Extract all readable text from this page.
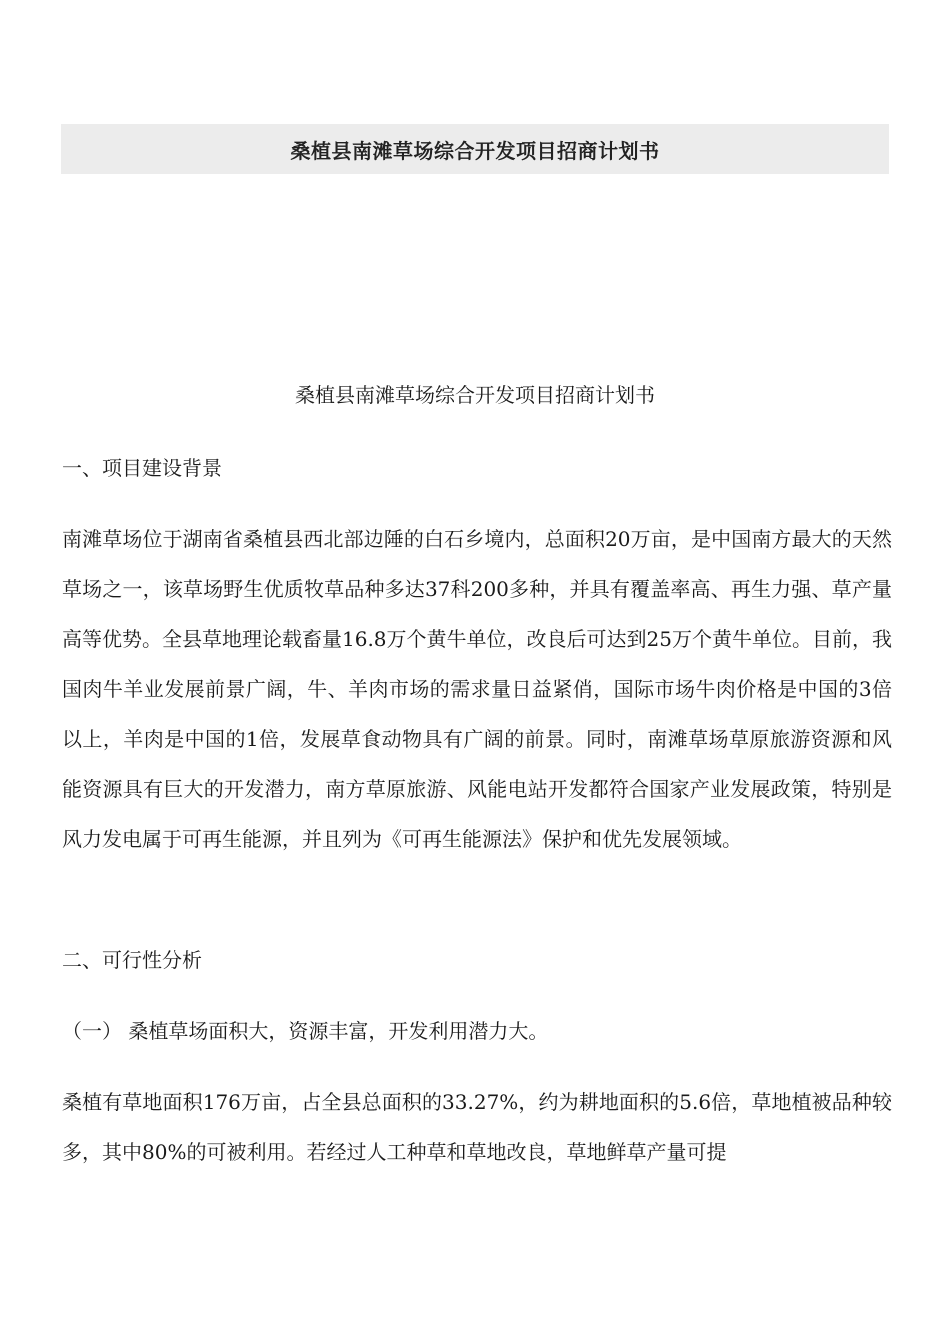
桑植县南滩草场综合开发项目招商计划书
桑植县南滩草场综合开发项目招商计划书
一、项目建设背景
南滩草场位于湖南省桑植县西北部边陲的白石乡境内，总面积20万亩，是中国南方最大的天然草场之一，该草场野生优质牧草品种多达37科200多种，并具有覆盖率高、再生力强、草产量高等优势。全县草地理论载畜量16.8万个黄牛单位，改良后可达到25万个黄牛单位。目前，我国肉牛羊业发展前景广阔，牛、羊肉市场的需求量日益紧俏，国际市场牛肉价格是中国的3倍以上，羊肉是中国的1倍，发展草食动物具有广阔的前景。同时，南滩草场草原旅游资源和风能资源具有巨大的开发潜力，南方草原旅游、风能电站开发都符合国家产业发展政策，特别是风力发电属于可再生能源，并且列为《可再生能源法》保护和优先发展领域。
二、可行性分析
（一） 桑植草场面积大，资源丰富，开发利用潜力大。
桑植有草地面积176万亩，占全县总面积的33.27%，约为耕地面积的5.6倍，草地植被品种较多，其中80%的可被利用。若经过人工种草和草地改良，草地鲜草产量可提
